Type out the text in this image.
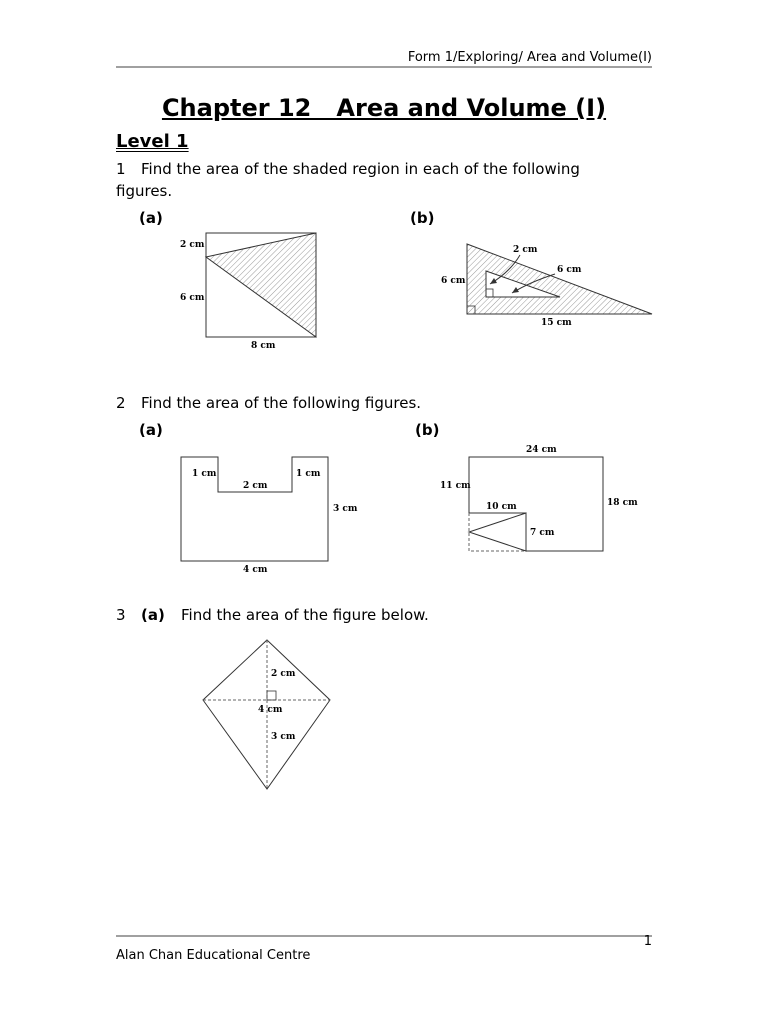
Form 1/Exploring/ Area and Volume(I)
Chapter 12   Area and Volume (I)
Level 1
1 Find the area of the shaded region in each of the following
figures.
(a)	(b)
2 cm
6 cm
8 cm
2 cm
6 cm
6 cm
15 cm
1 cm
2 cm
1 cm
3 cm
4 cm
24 cm
11 cm
10 cm	18 cm
7 cm
2 cm
4 cm
3 cm
2 Find the area of the following figures.
(a)	(b)
3 (a) Find the area of the figure below.
1
Alan Chan Educational Centre
